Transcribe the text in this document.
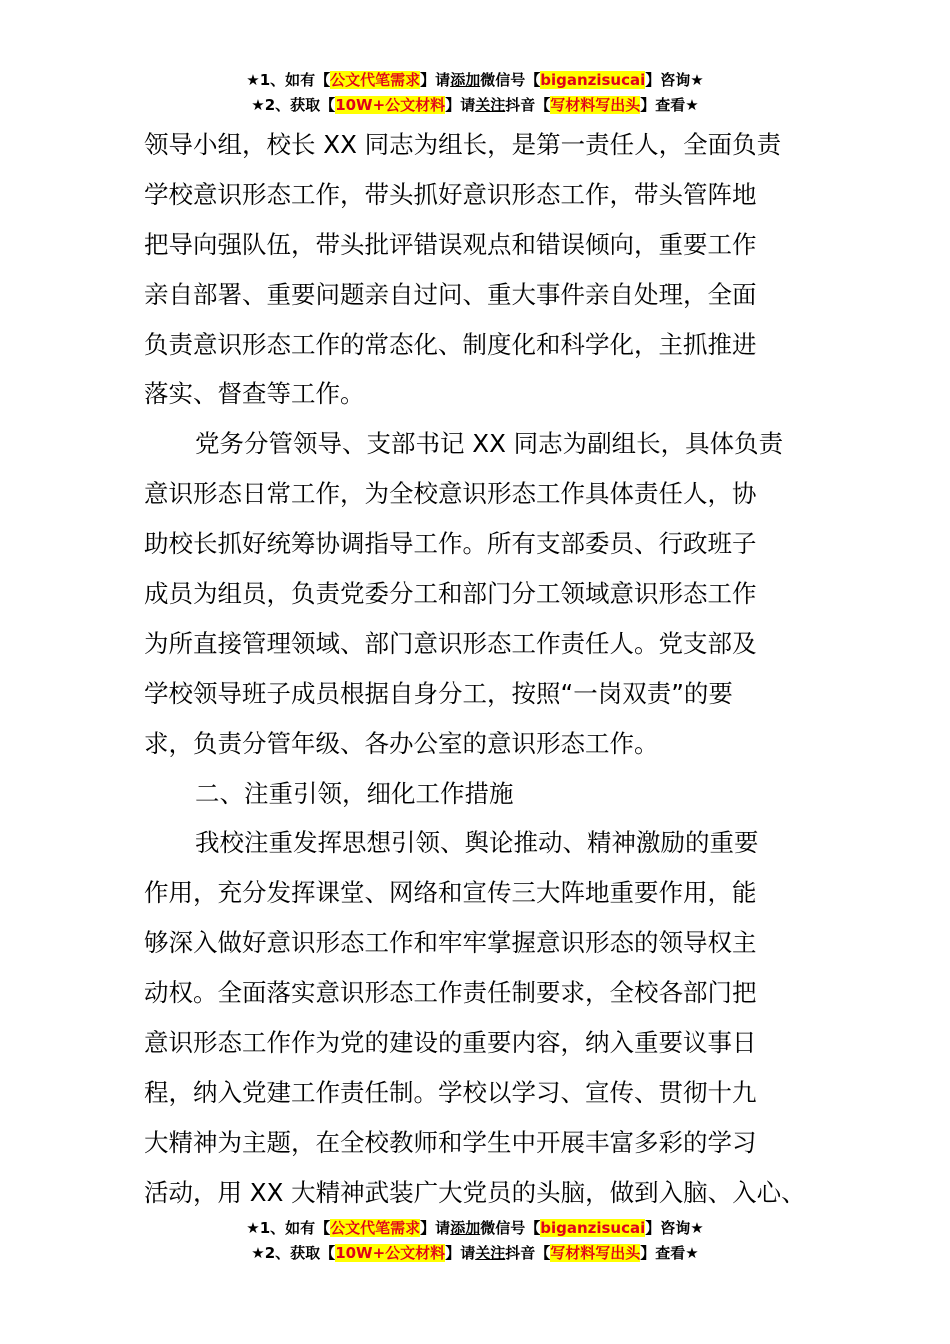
★1、如有【公文代笔需求】请添加微信号【biganzisucai】咨询★
★2、获取【10W+公文材料】请关注抖音【写材料写出头】查看★
领导小组，校长 XX 同志为组长，是第一责任人，全面负责
学校意识形态工作，带头抓好意识形态工作，带头管阵地
把导向强队伍，带头批评错误观点和错误倾向，重要工作
亲自部署、重要问题亲自过问、重大事件亲自处理，全面
负责意识形态工作的常态化、制度化和科学化，主抓推进
落实、督查等工作。
党务分管领导、支部书记 XX 同志为副组长，具体负责
意识形态日常工作，为全校意识形态工作具体责任人，协
助校长抓好统筹协调指导工作。所有支部委员、行政班子
成员为组员，负责党委分工和部门分工领域意识形态工作
为所直接管理领域、部门意识形态工作责任人。党支部及
学校领导班子成员根据自身分工，按照“一岗双责”的要
求，负责分管年级、各办公室的意识形态工作。
二、注重引领，细化工作措施
我校注重发挥思想引领、舆论推动、精神激励的重要
作用，充分发挥课堂、网络和宣传三大阵地重要作用，能
够深入做好意识形态工作和牢牢掌握意识形态的领导权主
动权。全面落实意识形态工作责任制要求，全校各部门把
意识形态工作作为党的建设的重要内容，纳入重要议事日
程，纳入党建工作责任制。学校以学习、宣传、贯彻十九
大精神为主题，在全校教师和学生中开展丰富多彩的学习
活动，用 XX 大精神武装广大党员的头脑，做到入脑、入心、
★1、如有【公文代笔需求】请添加微信号【biganzisucai】咨询★
★2、获取【10W+公文材料】请关注抖音【写材料写出头】查看★
